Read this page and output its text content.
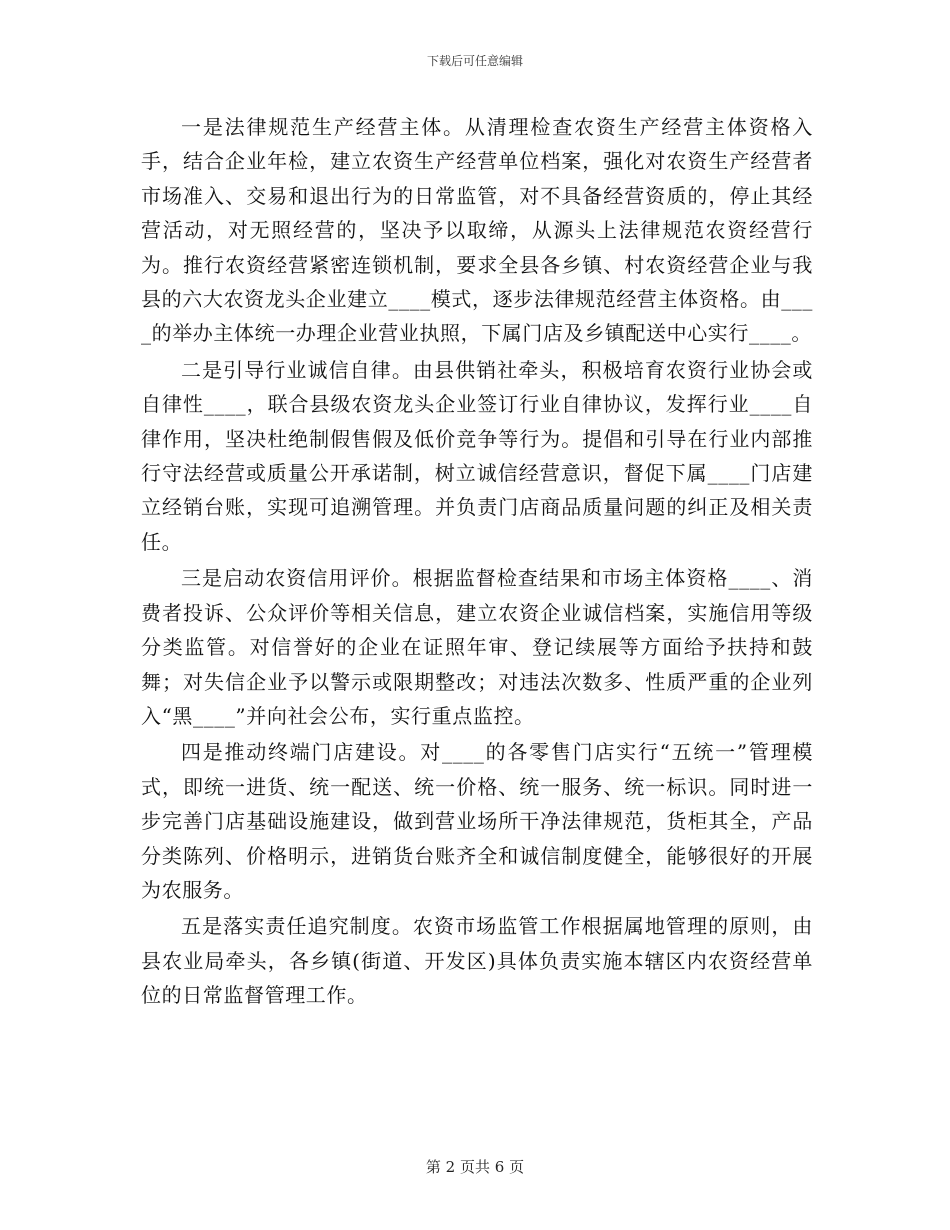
下载后可任意编辑

一是法律规范生产经营主体。从清理检查农资生产经营主体资格入手，结合企业年检，建立农资生产经营单位档案，强化对农资生产经营者市场准入、交易和退出行为的日常监管，对不具备经营资质的，停止其经营活动，对无照经营的，坚决予以取缔，从源头上法律规范农资经营行为。推行农资经营紧密连锁机制，要求全县各乡镇、村农资经营企业与我县的六大农资龙头企业建立____模式，逐步法律规范经营主体资格。由____的举办主体统一办理企业营业执照，下属门店及乡镇配送中心实行____。

二是引导行业诚信自律。由县供销社牵头，积极培育农资行业协会或自律性____，联合县级农资龙头企业签订行业自律协议，发挥行业____自律作用，坚决杜绝制假售假及低价竞争等行为。提倡和引导在行业内部推行守法经营或质量公开承诺制，树立诚信经营意识，督促下属____门店建立经销台账，实现可追溯管理。并负责门店商品质量问题的纠正及相关责任。

三是启动农资信用评价。根据监督检查结果和市场主体资格____、消费者投诉、公众评价等相关信息，建立农资企业诚信档案，实施信用等级分类监管。对信誉好的企业在证照年审、登记续展等方面给予扶持和鼓舞；对失信企业予以警示或限期整改；对违法次数多、性质严重的企业列入“黑____”并向社会公布，实行重点监控。

四是推动终端门店建设。对____的各零售门店实行“五统一”管理模式，即统一进货、统一配送、统一价格、统一服务、统一标识。同时进一步完善门店基础设施建设，做到营业场所干净法律规范，货柜其全，产品分类陈列、价格明示，进销货台账齐全和诚信制度健全，能够很好的开展为农服务。

五是落实责任追究制度。农资市场监管工作根据属地管理的原则，由县农业局牵头，各乡镇(街道、开发区)具体负责实施本辖区内农资经营单位的日常监督管理工作。

第 2 页共 6 页
